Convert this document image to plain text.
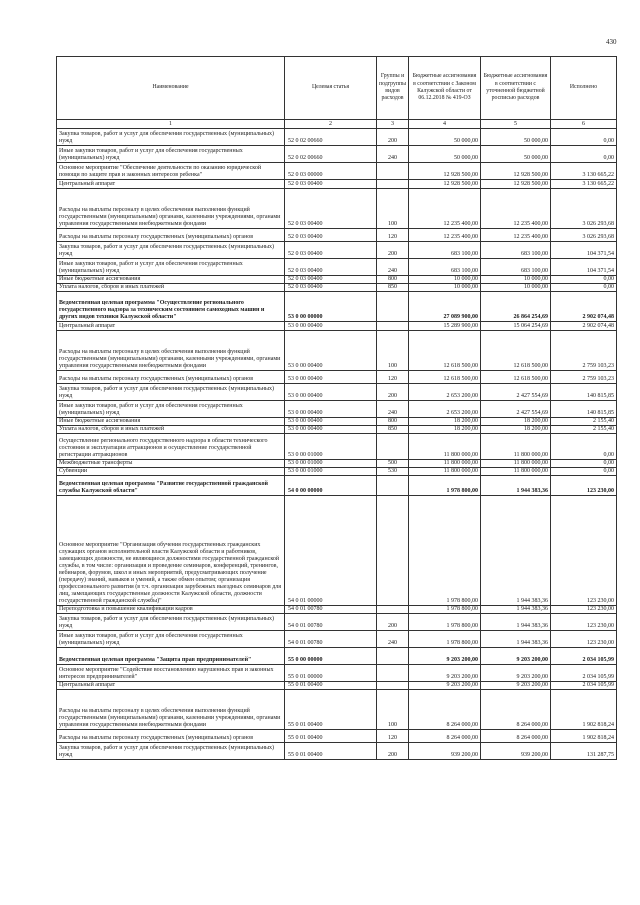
430
Наименование	Целевая статья	Группы и подгруппы видов расходов	Бюджетные ассигнования в соответствии с Законом Калужской области от 06.12.2018 № 419-ОЗ	Бюджетные ассигнования в соответствии с уточненной бюджетной росписью расходов	Исполнено
1	2	3	4	5	6
Закупка товаров, работ и услуг для обеспечения государственных (муниципальных) нужд	52 0 02 00660	200	50 000,00	50 000,00	0,00
Иные закупки товаров, работ и услуг для обеспечения государственных (муниципальных) нужд	52 0 02 00660	240	50 000,00	50 000,00	0,00
Основное мероприятие "Обеспечение деятельности по оказанию юридической помощи по защите прав и законных интересов ребенка"	52 0 03 00000		12 928 500,00	12 928 500,00	3 130 665,22
Центральный аппарат	52 0 03 00400		12 928 500,00	12 928 500,00	3 130 665,22
Расходы на выплаты персоналу в целях обеспечения выполнения функций государственными (муниципальными) органами, казенными учреждениями, органами управления государственными внебюджетными фондами	52 0 03 00400	100	12 235 400,00	12 235 400,00	3 026 293,68
Расходы на выплаты персоналу государственных (муниципальных) органов	52 0 03 00400	120	12 235 400,00	12 235 400,00	3 026 293,68
Закупка товаров, работ и услуг для обеспечения государственных (муниципальных) нужд	52 0 03 00400	200	683 100,00	683 100,00	104 371,54
Иные закупки товаров, работ и услуг для обеспечения государственных (муниципальных) нужд	52 0 03 00400	240	683 100,00	683 100,00	104 371,54
Иные бюджетные ассигнования	52 0 03 00400	800	10 000,00	10 000,00	0,00
Уплата налогов, сборов и иных платежей	52 0 03 00400	850	10 000,00	10 000,00	0,00
Ведомственная целевая программа "Осуществление регионального государственного надзора за техническим состоянием самоходных машин и других видов техники Калужской области"	53 0 00 00000		27 089 900,00	26 864 254,69	2 902 074,48
Центральный аппарат	53 0 00 00400		15 289 900,00	15 064 254,69	2 902 074,48
Расходы на выплаты персоналу в целях обеспечения выполнения функций государственными (муниципальными) органами, казенными учреждениями, органами управления государственными внебюджетными фондами	53 0 00 00400	100	12 618 500,00	12 618 500,00	2 759 103,23
Расходы на выплаты персоналу государственных (муниципальных) органов	53 0 00 00400	120	12 618 500,00	12 618 500,00	2 759 103,23
Закупка товаров, работ и услуг для обеспечения государственных (муниципальных) нужд	53 0 00 00400	200	2 653 200,00	2 427 554,69	140 815,85
Иные закупки товаров, работ и услуг для обеспечения государственных (муниципальных) нужд	53 0 00 00400	240	2 653 200,00	2 427 554,69	140 815,85
Иные бюджетные ассигнования	53 0 00 00400	800	18 200,00	18 200,00	2 155,40
Уплата налогов, сборов и иных платежей	53 0 00 00400	850	18 200,00	18 200,00	2 155,40
Осуществление регионального государственного надзора в области технического состояния и эксплуатации аттракционов и осуществление государственной регистрации аттракционов	53 0 00 01000		11 800 000,00	11 800 000,00	0,00
Межбюджетные трансферты	53 0 00 01000	500	11 800 000,00	11 800 000,00	0,00
Субвенции	53 0 00 01000	530	11 800 000,00	11 800 000,00	0,00
Ведомственная целевая программа "Развитие государственной гражданской службы Калужской области"	54 0 00 00000		1 978 800,00	1 944 383,36	123 230,00
Основное мероприятие "Организация обучения государственных гражданских служащих органов исполнительной власти Калужской области и работников, замещающих должности, не являющиеся должностями государственной гражданской службы, в том числе: организация и проведение семинаров, конференций, тренингов, вебинаров, форумов, школ и иных мероприятий, предусматривающих получение (передачу) знаний, навыков и умений, а также обмен опытом; организация профессионального развития (в т.ч. организация зарубежных выездных семинаров для лиц, замещающих государственные должности Калужской области, должности государственной гражданской службы)"	54 0 01 00000		1 978 800,00	1 944 383,36	123 230,00
Переподготовка и повышение квалификации кадров	54 0 01 00780		1 978 800,00	1 944 383,36	123 230,00
Закупка товаров, работ и услуг для обеспечения государственных (муниципальных) нужд	54 0 01 00780	200	1 978 800,00	1 944 383,36	123 230,00
Иные закупки товаров, работ и услуг для обеспечения государственных (муниципальных) нужд	54 0 01 00780	240	1 978 800,00	1 944 383,36	123 230,00
Ведомственная целевая программа "Защита прав предпринимателей"	55 0 00 00000		9 203 200,00	9 203 200,00	2 034 105,99
Основное мероприятие "Содействие восстановлению нарушенных прав и законных интересов предпринимателей"	55 0 01 00000		9 203 200,00	9 203 200,00	2 034 105,99
Центральный аппарат	55 0 01 00400		9 203 200,00	9 203 200,00	2 034 105,99
Расходы на выплаты персоналу в целях обеспечения выполнения функций государственными (муниципальными) органами, казенными учреждениями, органами управления государственными внебюджетными фондами	55 0 01 00400	100	8 264 000,00	8 264 000,00	1 902 818,24
Расходы на выплаты персоналу государственных (муниципальных) органов	55 0 01 00400	120	8 264 000,00	8 264 000,00	1 902 818,24
Закупка товаров, работ и услуг для обеспечения государственных (муниципальных) нужд	55 0 01 00400	200	939 200,00	939 200,00	131 287,75
